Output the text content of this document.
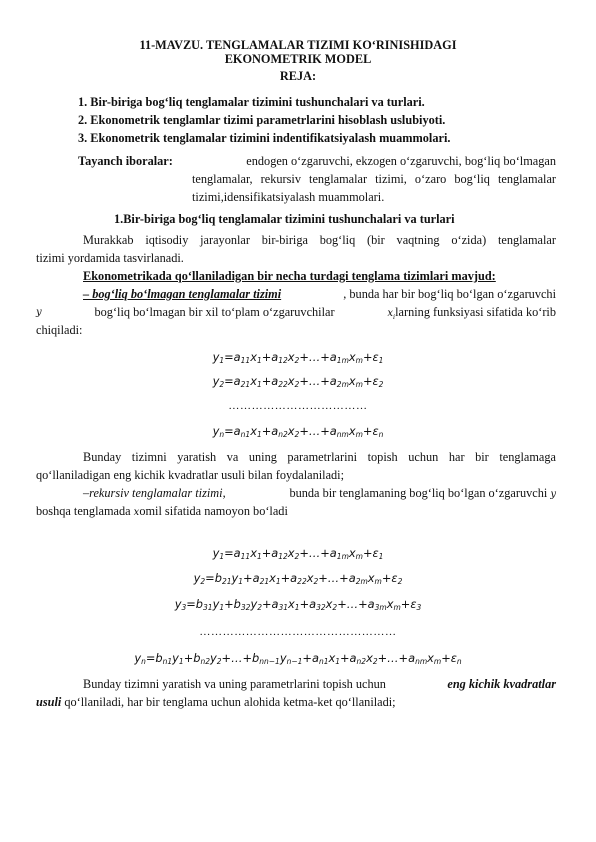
11-MAVZU. TENGLAMALAR TIZIMI KO‘RINISHIDAGI
EKONOMETRIK MODEL
REJA:
1. Bir-biriga bog‘liq tenglamalar tizimini tushunchalari va turlari.
2. Ekonometrik tenglamlar tizimi parametrlarini hisoblash uslubiyoti.
3. Ekonometrik tenglamalar tizimini indentifikatsiyalash muammolari.
Tayanch iboralar:	endogen o‘zgaruvchi, ekzogen o‘zgaruvchi, bog‘liq bo‘lmagan
tenglamalar, rekursiv tenglamalar tizimi, o‘zaro bog‘liq tenglamalar
tizimi,idensifikatsiyalash muammolari.
1.Bir-biriga bog‘liq tenglamalar tizimini tushunchalari va turlari
Murakkab iqtisodiy jarayonlar bir-biriga bog‘liq (bir vaqtning o‘zida) tenglamalar
tizimi yordamida tasvirlanadi.
Ekonometrikada qo‘llaniladigan bir necha turdagi tenglama tizimlari mavjud:
– bog‘liq bo‘lmagan tenglamalar tizimi	, bunda har bir bog‘liq bo‘lgan o‘zgaruvchi
y	bog‘liq bo‘lmagan bir xil to‘plam o‘zgaruvchilar	$x_ilarning$ funksiyasi sifatida ko‘rib
chiqiladi:
$y_1=a_{11}x_1+a_{12}x_2+\dots+a_{1m}x_m+\varepsilon_1$
$y_2=a_{21}x_1+a_{22}x_2+\dots+a_{2m}x_m+\varepsilon_2$
………………………………
$y_n=a_{n1}x_1+a_{n2}x_2+\dots+a_{nm}x_m+\varepsilon_n$
Bunday tizimni yaratish va uning parametrlarini topish uchun har bir tenglamaga
qo‘llaniladigan eng kichik kvadratlar usuli bilan foydalaniladi;
–rekursiv tenglamalar tizimi,	bunda bir tenglamaning bog‘liq bo‘lgan o‘zgaruvchi y
boshqa tenglamada xomil sifatida namoyon bo‘ladi
$y_1=a_{11}x_1+a_{12}x_2+\dots+a_{1m}x_m+\varepsilon_1$
$y_2=b_{21}y_1+a_{21}x_1+a_{22}x_2+\dots+a_{2m}x_m+\varepsilon_2$
$y_3=b_{31}y_1+b_{32}y_2+a_{31}x_1+a_{32}x_2+\dots+a_{3m}x_m+\varepsilon_3$
……………………………………………
$y_n=b_{n1}y_1+b_{n2}y_2+\dots+b_{nn-1}y_{n-1}+a_{n1}x_1+a_{n2}x_2+\dots+a_{nm}x_m+\varepsilon_n$
Bunday tizimni yaratish va uning parametrlarini topish uchun	eng kichik kvadratlar
usuli qo‘llaniladi, har bir tenglama uchun alohida ketma-ket qo‘llaniladi;
